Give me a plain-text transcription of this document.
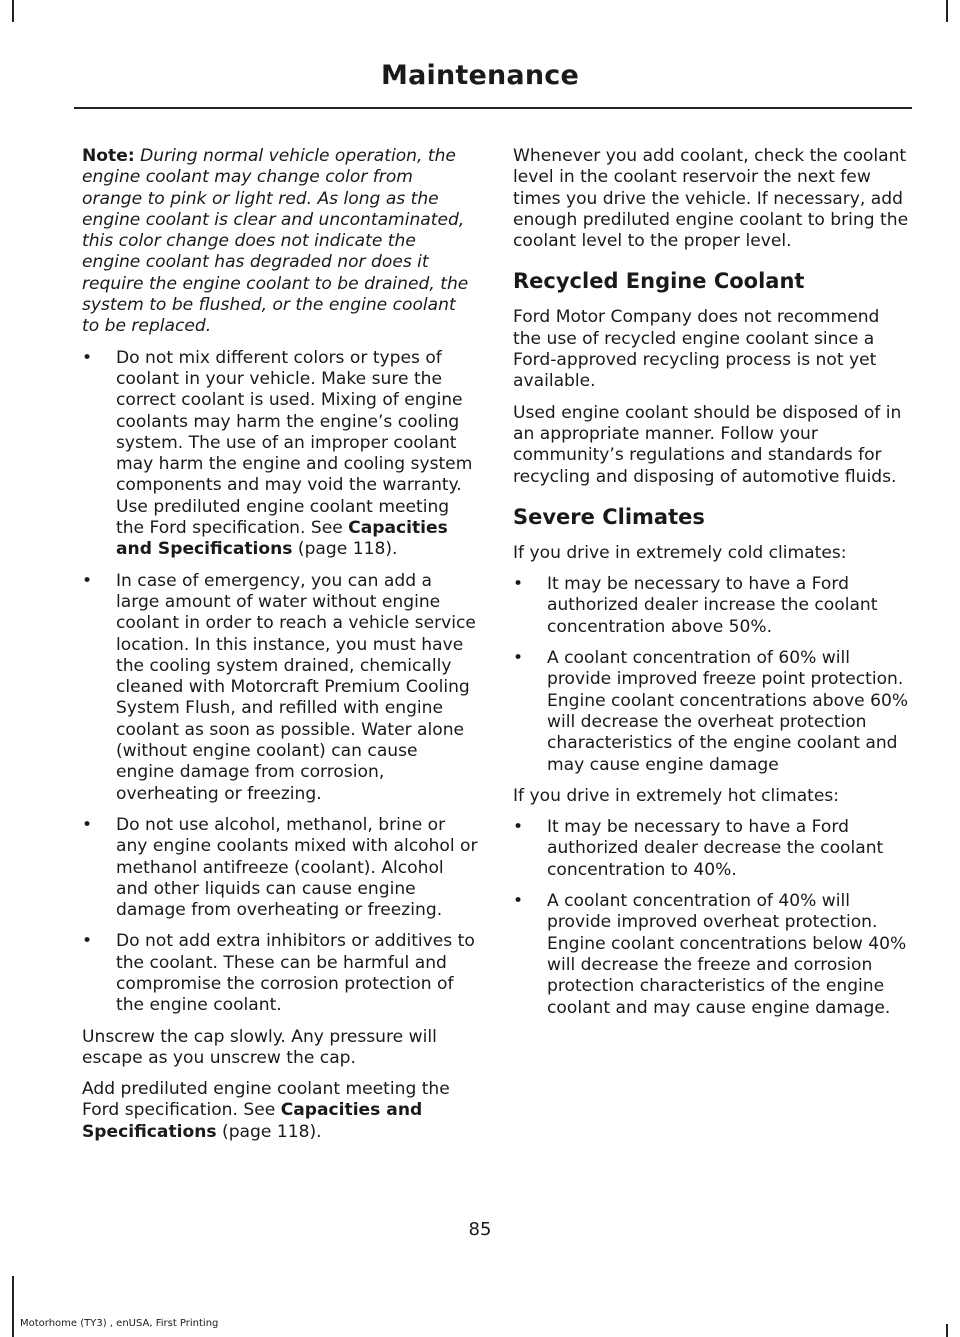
Maintenance

Note: During normal vehicle operation, the engine coolant may change color from orange to pink or light red. As long as the engine coolant is clear and uncontaminated, this color change does not indicate the engine coolant has degraded nor does it require the engine coolant to be drained, the system to be flushed, or the engine coolant to be replaced.

• Do not mix different colors or types of coolant in your vehicle. Make sure the correct coolant is used. Mixing of engine coolants may harm the engine’s cooling system. The use of an improper coolant may harm the engine and cooling system components and may void the warranty. Use prediluted engine coolant meeting the Ford specification. See Capacities and Specifications (page 118).
• In case of emergency, you can add a large amount of water without engine coolant in order to reach a vehicle service location. In this instance, you must have the cooling system drained, chemically cleaned with Motorcraft Premium Cooling System Flush, and refilled with engine coolant as soon as possible. Water alone (without engine coolant) can cause engine damage from corrosion, overheating or freezing.
• Do not use alcohol, methanol, brine or any engine coolants mixed with alcohol or methanol antifreeze (coolant). Alcohol and other liquids can cause engine damage from overheating or freezing.
• Do not add extra inhibitors or additives to the coolant. These can be harmful and compromise the corrosion protection of the engine coolant.

Unscrew the cap slowly. Any pressure will escape as you unscrew the cap.

Add prediluted engine coolant meeting the Ford specification. See Capacities and Specifications (page 118).

Whenever you add coolant, check the coolant level in the coolant reservoir the next few times you drive the vehicle. If necessary, add enough prediluted engine coolant to bring the coolant level to the proper level.

Recycled Engine Coolant

Ford Motor Company does not recommend the use of recycled engine coolant since a Ford-approved recycling process is not yet available.

Used engine coolant should be disposed of in an appropriate manner. Follow your community’s regulations and standards for recycling and disposing of automotive fluids.

Severe Climates

If you drive in extremely cold climates:

• It may be necessary to have a Ford authorized dealer increase the coolant concentration above 50%.
• A coolant concentration of 60% will provide improved freeze point protection. Engine coolant concentrations above 60% will decrease the overheat protection characteristics of the engine coolant and may cause engine damage

If you drive in extremely hot climates:

• It may be necessary to have a Ford authorized dealer decrease the coolant concentration to 40%.
• A coolant concentration of 40% will provide improved overheat protection. Engine coolant concentrations below 40% will decrease the freeze and corrosion protection characteristics of the engine coolant and may cause engine damage.
85
Motorhome (TY3) , enUSA, First Printing
